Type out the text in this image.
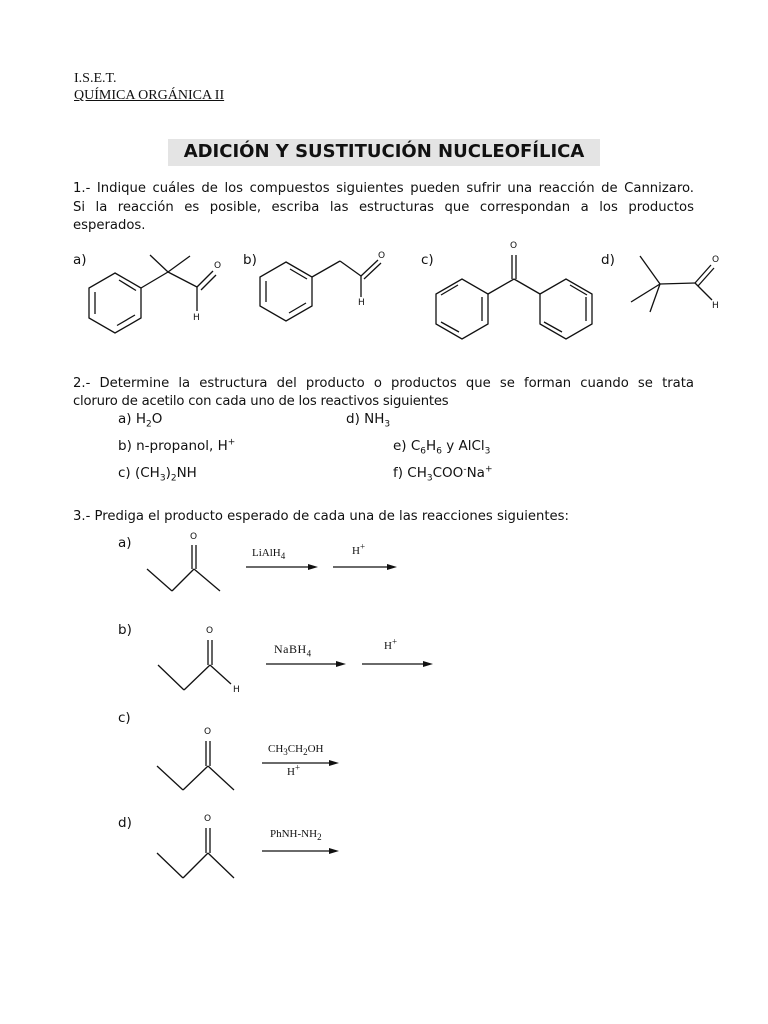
I.S.E.T.
QUÍMICA ORGÁNICA II
ADICIÓN Y SUSTITUCIÓN NUCLEOFÍLICA
1.- Indique cuáles de los compuestos siguientes pueden sufrir una reacción de Cannizaro.
Si la reacción es posible, escriba las estructuras que correspondan a los productos
esperados.
a)	b)	c)	d)
O
H
O
H
O
O
H
2.- Determine la estructura del producto o productos que se forman cuando se trata
cloruro de acetilo con cada uno de los reactivos siguientes
a) $H_2O$
b) n-propanol, H+
c) $(CH_3)_2NH$
d) $NH_3$
e) $C_6H_6$ y AlCl$_3$
f) $CH_3COO^-Na^+$
3.- Prediga el producto esperado de cada una de las reacciones siguientes:
a)
b)
c)
d)
O
O
H
O
O
LiAlH$_4$	H+
NaBH$_4$
H+
$CH_3CH_2OH$
H+
PhNH-$NH_2$
